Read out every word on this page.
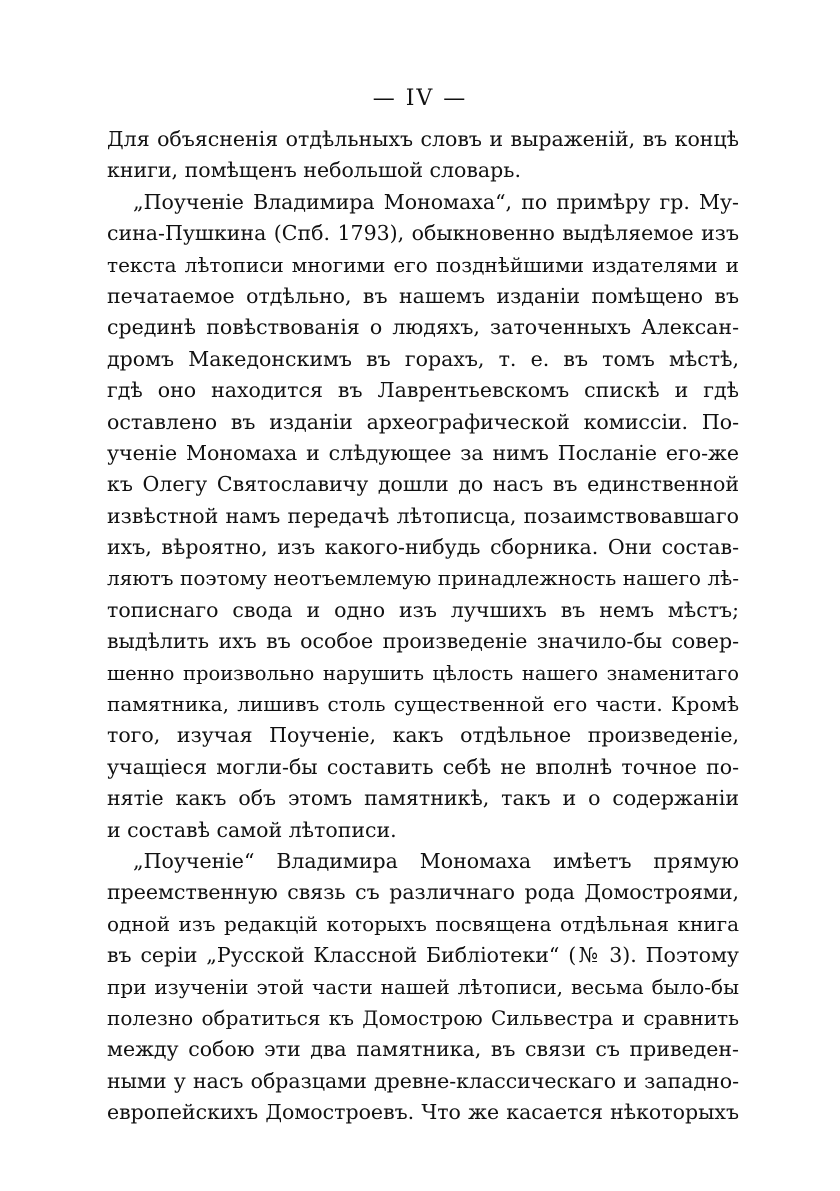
— IV —
Для объясненія отдѣльныхъ словъ и выраженій, въ концѣ
книги, помѣщенъ небольшой словарь.
„Поученіе Владимира Мономаха“, по примѣру гр. Му-
сина-Пушкина (Спб. 1793), обыкновенно выдѣляемое изъ
текста лѣтописи многими его позднѣйшими издателями и
печатаемое отдѣльно, въ нашемъ изданіи помѣщено въ
срединѣ повѣствованія о людяхъ, заточенныхъ Алексан-
дромъ Македонскимъ въ горахъ, т. е. въ томъ мѣстѣ,
гдѣ оно находится въ Лаврентьевскомъ спискѣ и гдѣ
оставлено въ изданіи археографической комиссіи. По-
ученіе Мономаха и слѣдующее за нимъ Посланіе его-же
къ Олегу Святославичу дошли до насъ въ единственной
извѣстной намъ передачѣ лѣтописца, позаимствовавшаго
ихъ, вѣроятно, изъ какого-нибудь сборника. Они состав-
ляютъ поэтому неотъемлемую принадлежность нашего лѣ-
тописнаго свода и одно изъ лучшихъ въ немъ мѣстъ;
выдѣлить ихъ въ особое произведеніе значило-бы совер-
шенно произвольно нарушить цѣлость нашего знаменитаго
памятника, лишивъ столь существенной его части. Кромѣ
того, изучая Поученіе, какъ отдѣльное произведеніе,
учащіеся могли-бы составить себѣ не вполнѣ точное по-
нятіе какъ объ этомъ памятникѣ, такъ и о содержаніи
и составѣ самой лѣтописи.
„Поученіе“ Владимира Мономаха имѣетъ прямую
преемственную связь съ различнаго рода Домостроями,
одной изъ редакцій которыхъ посвящена отдѣльная книга
въ серіи „Русской Классной Библіотеки“ (№ 3). Поэтому
при изученіи этой части нашей лѣтописи, весьма было-бы
полезно обратиться къ Домострою Сильвестра и сравнить
между собою эти два памятника, въ связи съ приведен-
ными у насъ образцами древне-классическаго и западно-
европейскихъ Домостроевъ. Что же касается нѣкоторыхъ
